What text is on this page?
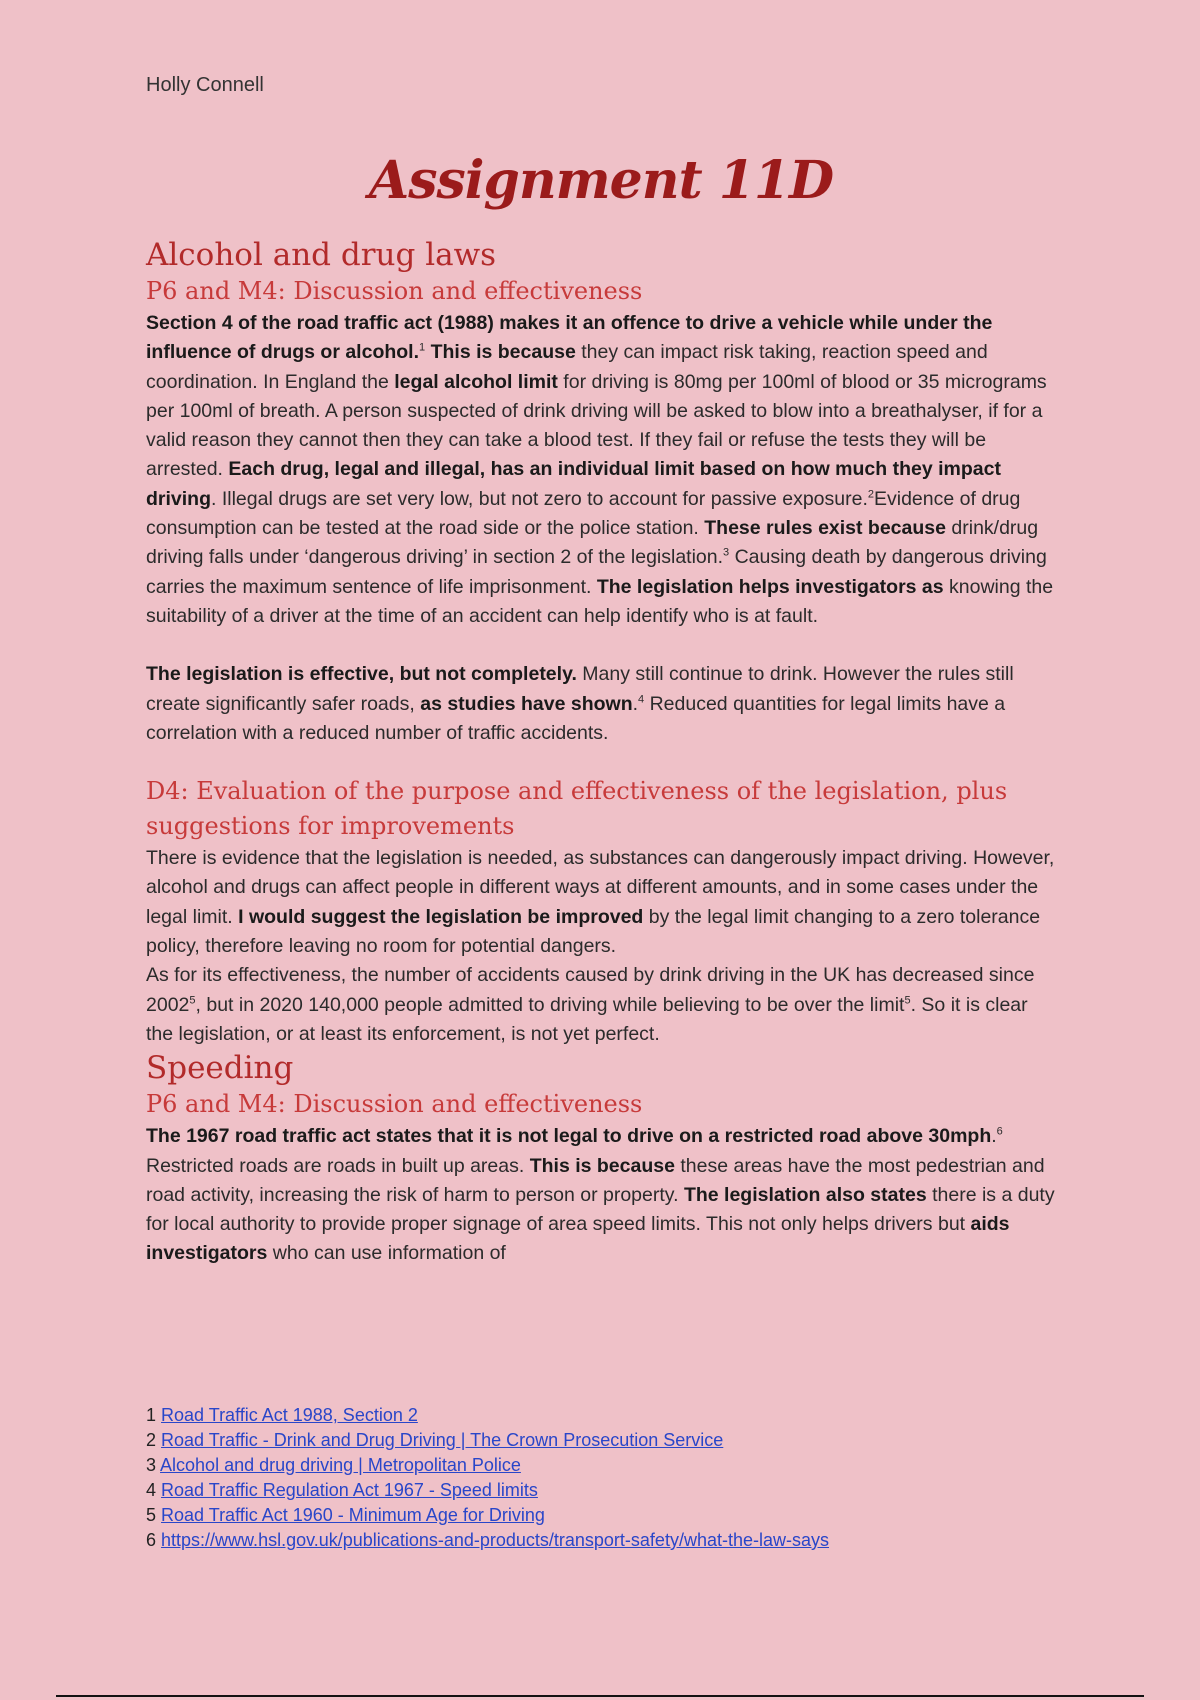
Holly Connell
Assignment 11D
Alcohol and drug laws
P6 and M4: Discussion and effectiveness

Section 4 of the road traffic act (1988) makes it an offence to drive a vehicle while under the influence of drugs or alcohol.$^1$ This is because they can impact risk taking, reaction speed and coordination. In England the legal alcohol limit for driving is 80mg per 100ml of blood or 35 micrograms per 100ml of breath. A person suspected of drink driving will be asked to blow into a breathalyser, if for a valid reason they cannot then they can take a blood test. If they fail or refuse the tests they will be arrested. Each drug, legal and illegal, has an individual limit based on how much they impact driving. Illegal drugs are set very low, but not zero to account for passive exposure.$^2$Evidence of drug consumption can be tested at the road side or the police station. These rules exist because drink/drug driving falls under ‘dangerous driving’ in section 2 of the legislation.$^3$ Causing death by dangerous driving carries the maximum sentence of life imprisonment. The legislation helps investigators as knowing the suitability of a driver at the time of an accident can help identify who is at fault.

The legislation is effective, but not completely. Many still continue to drink. However the rules still create significantly safer roads, as studies have shown.$^4$ Reduced quantities for legal limits have a correlation with a reduced number of traffic accidents.

D4: Evaluation of the purpose and effectiveness of the legislation, plus suggestions for improvements

There is evidence that the legislation is needed, as substances can dangerously impact driving. However, alcohol and drugs can affect people in different ways at different amounts, and in some cases under the legal limit. I would suggest the legislation be improved by the legal limit changing to a zero tolerance policy, therefore leaving no room for potential dangers.

As for its effectiveness, the number of accidents caused by drink driving in the UK has decreased since 2002$^5$, but in 2020 140,000 people admitted to driving while believing to be over the limit$^5$. So it is clear the legislation, or at least its enforcement, is not yet perfect.

Speeding
P6 and M4: Discussion and effectiveness

The 1967 road traffic act states that it is not legal to drive on a restricted road above 30mph.$^6$ Restricted roads are roads in built up areas. This is because these areas have the most pedestrian and road activity, increasing the risk of harm to person or property. The legislation also states there is a duty for local authority to provide proper signage of area speed limits. This not only helps drivers but aids investigators who can use information of

1 Road Traffic Act 1988, Section 2
2 Road Traffic - Drink and Drug Driving | The Crown Prosecution Service
3 Alcohol and drug driving | Metropolitan Police
4 Road Traffic Regulation Act 1967 - Speed limits
5 Road Traffic Act 1960 - Minimum Age for Driving
6 https://www.hsl.gov.uk/publications-and-products/transport-safety/what-the-law-says
